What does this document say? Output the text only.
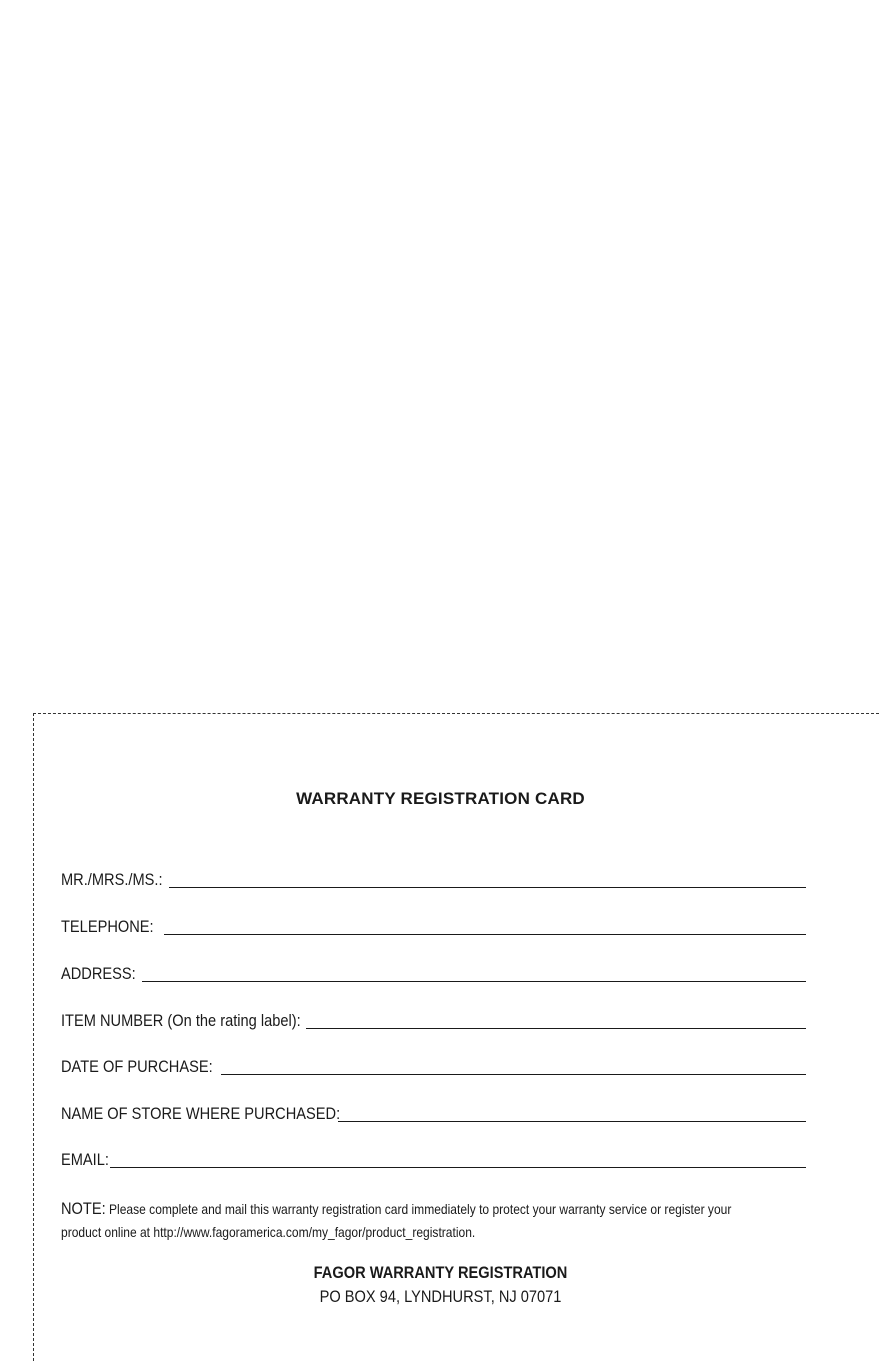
WARRANTY REGISTRATION CARD
MR./MRS./MS.:
TELEPHONE:
ADDRESS:
ITEM NUMBER (On the rating label):
DATE OF PURCHASE:
NAME OF STORE WHERE PURCHASED:
EMAIL:
NOTE: Please complete and mail this warranty registration card immediately to protect your warranty service or register your product online at http://www.fagoramerica.com/my_fagor/product_registration.
FAGOR WARRANTY REGISTRATION
PO BOX 94, LYNDHURST, NJ 07071
